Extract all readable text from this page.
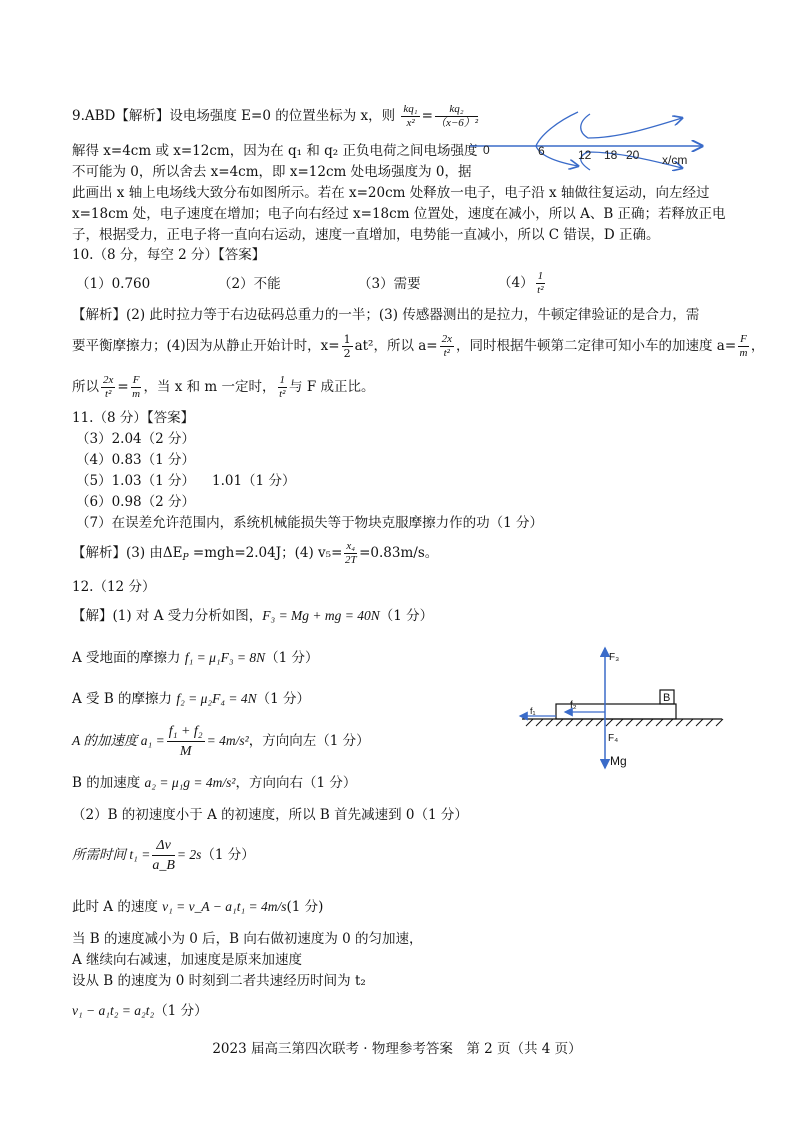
9.ABD【解析】设电场强度 E=0 的位置坐标为 x，则 $\frac{\text{kq₁}}{\text{x²}} = \frac{\text{kq₂}}{\text{（x−6）²}}$
解得 x=4cm 或 x=12cm，因为在 q₁ 和 q₂ 正负电荷之间电场强度
不可能为 0，所以舍去 x=4cm，即 x=12cm 处电场强度为 0，据
此画出 x 轴上电场线大致分布如图所示。若在 x=20cm 处释放一电子，电子沿 x 轴做往复运动，向左经过
x=18cm 处，电子速度在增加；电子向右经过 x=18cm 位置处，速度在减小，所以 A、B 正确；若释放正电
子，根据受力，正电子将一直向右运动，速度一直增加，电势能一直减小，所以 C 错误，D 正确。
0	6	12 18 20 x/cm
10.（8 分，每空 2 分）【答案】
（1）0.760	（2）不能	（3）需要	$(4) \frac{1}{\text{t²}}$
【解析】(2) 此时拉力等于右边砝码总重力的一半；(3) 传感器测出的是拉力，牛顿定律验证的是合力，需
要平衡摩擦力；(4)因为从静止开始计时，$x= \frac{1}{2} at^2$，所以 $a= \frac{2x}{\text{t²}}$ ，同时根据牛顿第二定律可知小车的加速度 $a= \frac{F}{m}$ ，
所以 $\frac{2x}{\text{t²}} = \frac{F}{m}$ ，当 x 和 m 一定时， $\frac{1}{\text{t²}}$ 与 F 成正比。
11.（8 分）【答案】
（3）2.04（2 分）
（4）0.83（1 分）
（5）1.03（1 分） 1.01（1 分）
（6）0.98（2 分）
（7）在误差允许范围内，系统机械能损失等于物块克服摩擦力作的功（1 分）
【解析】(3) 由$\Delta E_P =mgh=2.04J$；(4) $v_5= \frac{\text{x₄}}{2T} =0.83m/s$。
12.（12 分）
【解】(1) 对 A 受力分析如图，F₃ = Mg + mg = 40N（1 分）
A 受地面的摩擦力 f₁ = μ₁F₃ = 8N（1 分）
A 受 B 的摩擦力 f₂ = μ₂F₄ = 4N（1 分）
A 的加速度 $a_1 = \frac{\text{f₁ + f₂}}{M} = 4m/s^2$，方向向左（1 分）
B 的加速度 a₂ = μ₁g = 4m/s²，方向向右（1 分）
（2）B 的初速度小于 A 的初速度，所以 B 首先减速到 0（1 分）
所需时间 $t_1 = \frac{\Delta v}{a\_B} = 2s(1$ 分）
此时 A 的速度 v₁ = v_A − a₁t₁ = 4m/s(1 分)
当 B 的速度减小为 0 后，B 向右做初速度为 0 的匀加速，
A 继续向右减速，加速度是原来加速度
设从 B 的速度为 0 时刻到二者共速经历时间为 t₂
v₁ − a₁t₂ = a₂t₂（1 分）
B
F₃
f₂
f₁
F₄
Mg
2023 届高三第四次联考 · 物理参考答案　第 2 页（共 4 页）
